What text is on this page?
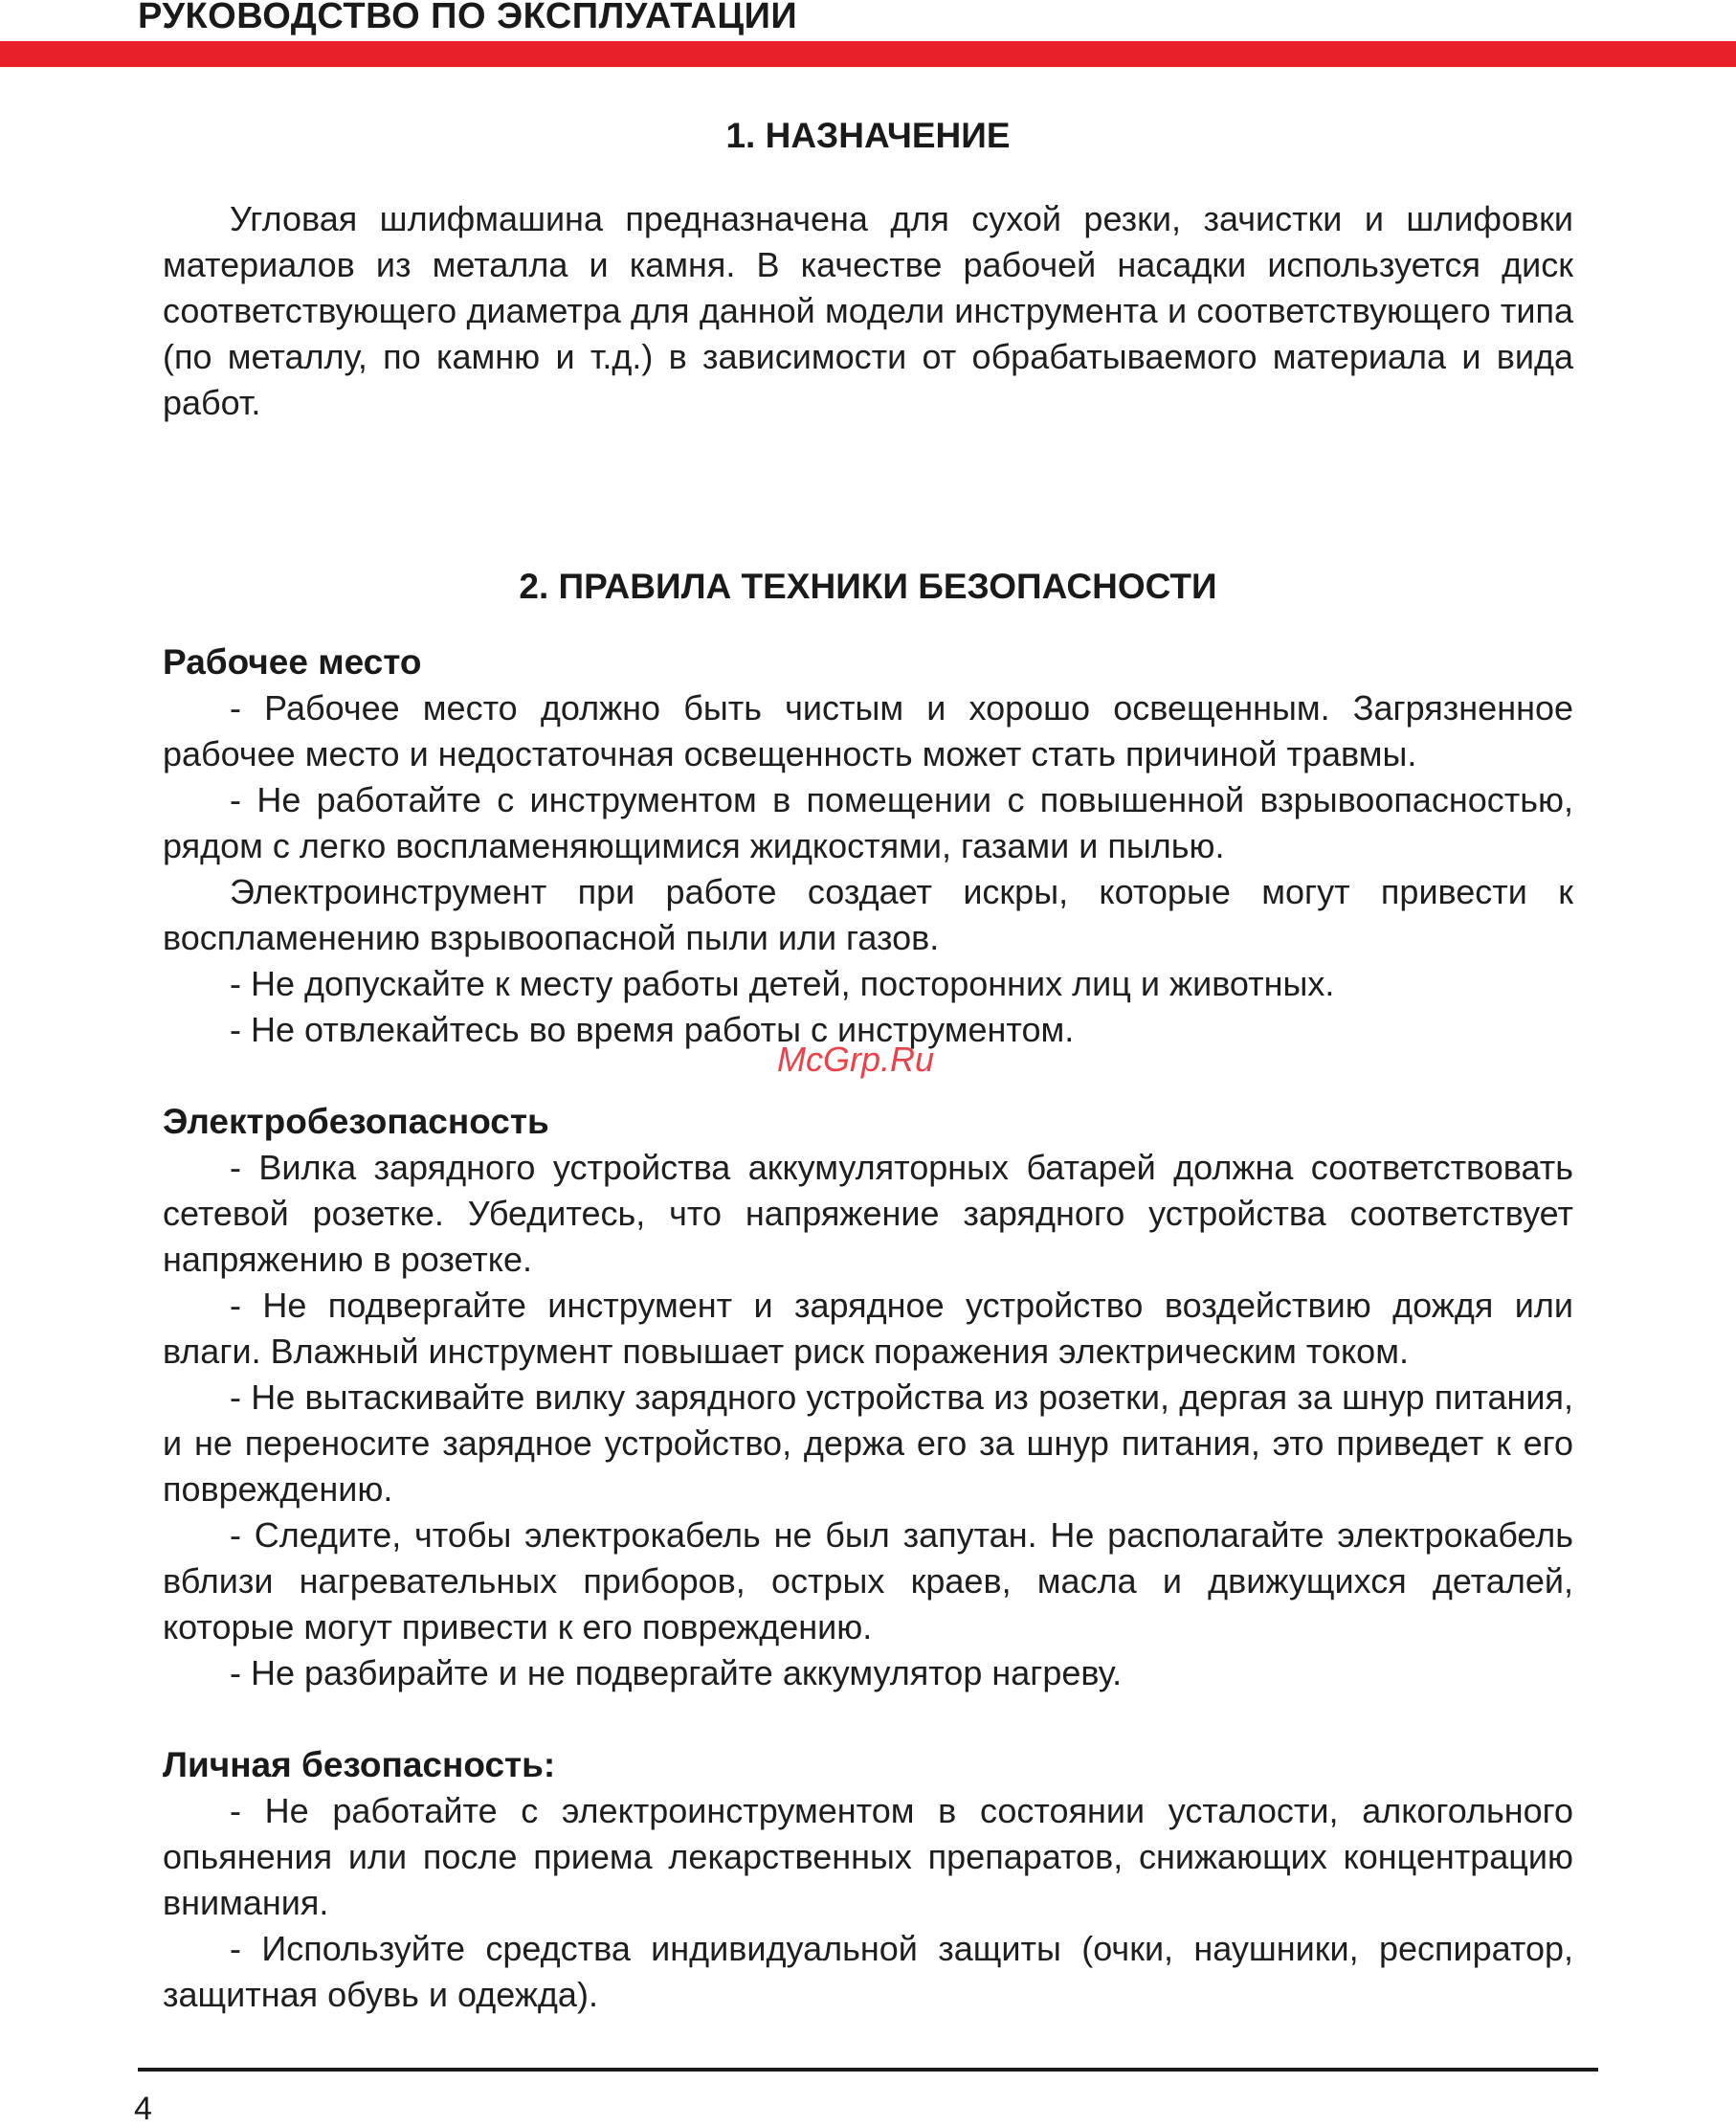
РУКОВОДСТВО ПО ЭКСПЛУАТАЦИИ
1. НАЗНАЧЕНИЕ

Угловая шлифмашина предназначена для сухой резки, зачистки и шлифовки материалов из металла и камня. В качестве рабочей насадки используется диск соответствующего диаметра для данной модели инструмента и соответствующего типа (по металлу, по камню и т.д.) в зависимости от обрабатываемого материала и вида работ.

2. ПРАВИЛА ТЕХНИКИ БЕЗОПАСНОСТИ
Рабочее место

- Рабочее место должно быть чистым и хорошо освещенным. Загрязненное рабочее место и недостаточная освещенность может стать причиной травмы.

- Не работайте с инструментом в помещении с повышенной взрывоопасностью, рядом с легко воспламеняющимися жидкостями, газами и пылью.

Электроинструмент при работе создает искры, которые могут привести к воспламенению взрывоопасной пыли или газов.

- Не допускайте к месту работы детей, посторонних лиц и животных.

- Не отвлекайтесь во время работы с инструментом.

Электробезопасность

- Вилка зарядного устройства аккумуляторных батарей должна соответствовать сетевой розетке. Убедитесь, что напряжение зарядного устройства соответствует напряжению в розетке.

- Не подвергайте инструмент и зарядное устройство воздействию дождя или влаги. Влажный инструмент повышает риск поражения электрическим током.

- Не вытаскивайте вилку зарядного устройства из розетки, дергая за шнур питания, и не переносите зарядное устройство, держа его за шнур питания, это приведет к его повреждению.

- Следите, чтобы электрокабель не был запутан. Не располагайте электрокабель вблизи нагревательных приборов, острых краев, масла и движущихся деталей, которые могут привести к его повреждению.

- Не разбирайте и не подвергайте аккумулятор нагреву.

Личная безопасность:

- Не работайте с электроинструментом в состоянии усталости, алкогольного опьянения или после приема лекарственных препаратов, снижающих концентрацию внимания.

- Используйте средства индивидуальной защиты (очки, наушники, респиратор, защитная обувь и одежда).

McGrp.Ru
4
